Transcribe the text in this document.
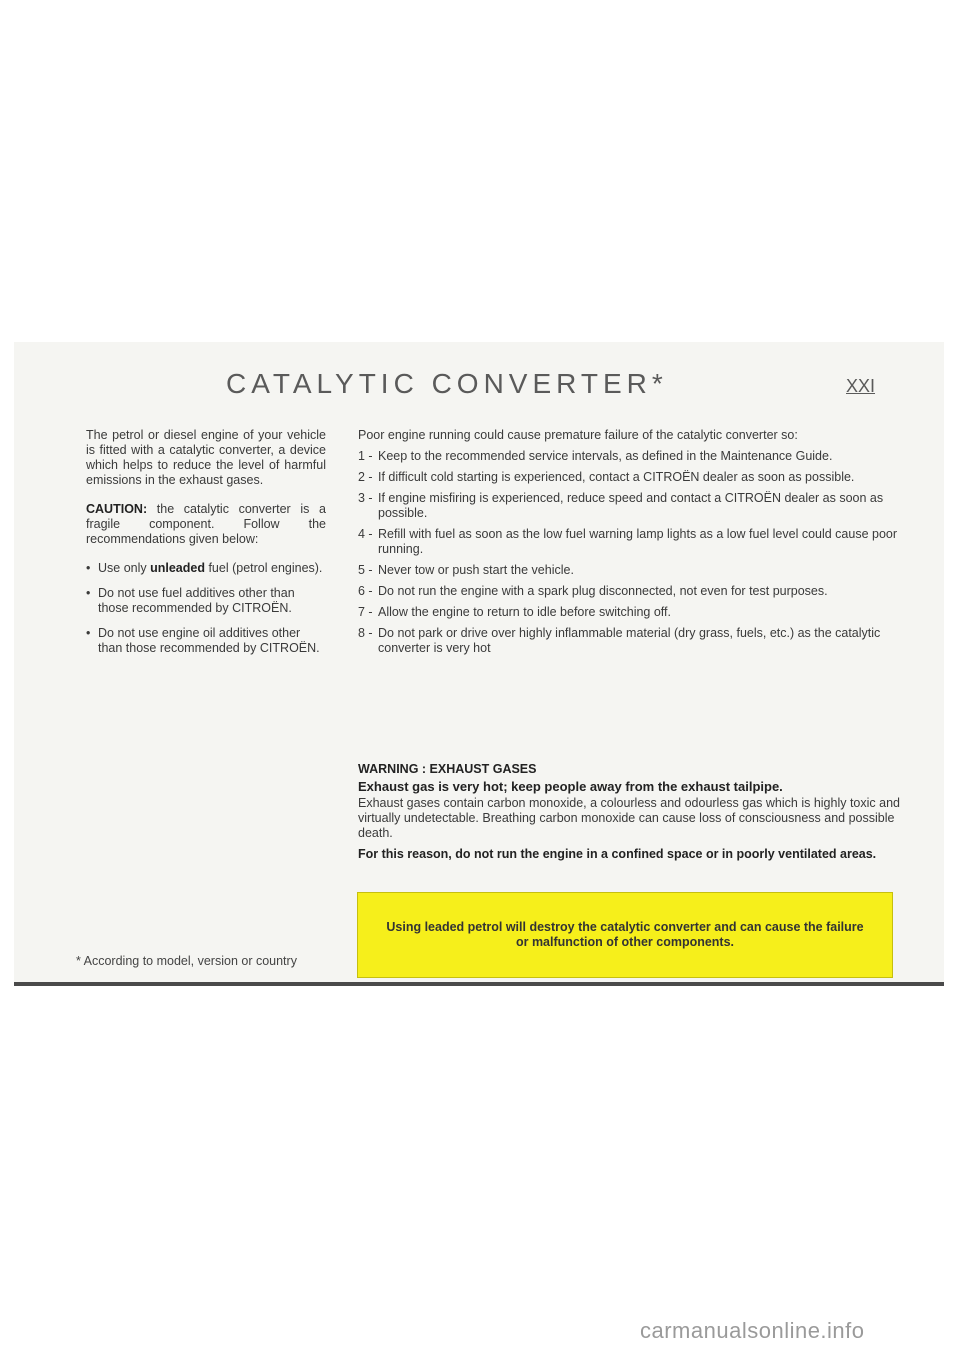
CATALYTIC CONVERTER*	XXI

The petrol or diesel engine of your vehicle is fitted with a catalytic converter, a device which helps to reduce the level of harmful emissions in the exhaust gases.

CAUTION: the catalytic converter is a fragile component. Follow the recommendations given below:

• Use only unleaded fuel (petrol engines).
• Do not use fuel additives other than those recommended by CITROËN.
• Do not use engine oil additives other than those recommended by CITROËN.

Poor engine running could cause premature failure of the catalytic converter so:

1 - Keep to the recommended service intervals, as defined in the Maintenance Guide.
2 - If difficult cold starting is experienced, contact a CITROËN dealer as soon as possible.
3 - If engine misfiring is experienced, reduce speed and contact a CITROËN dealer as soon as possible.
4 - Refill with fuel as soon as the low fuel warning lamp lights as a low fuel level could cause poor running.
5 - Never tow or push start the vehicle.
6 - Do not run the engine with a spark plug disconnected, not even for test purposes.
7 - Allow the engine to return to idle before switching off.
8 - Do not park or drive over highly inflammable material (dry grass, fuels, etc.) as the catalytic converter is very hot

WARNING : EXHAUST GASES

Exhaust gas is very hot; keep people away from the exhaust tailpipe.

Exhaust gases contain carbon monoxide, a colourless and odourless gas which is highly toxic and virtually undetectable. Breathing carbon monoxide can cause loss of consciousness and possible death.

For this reason, do not run the engine in a confined space or in poorly ventilated areas.

Using leaded petrol will destroy the catalytic converter and can cause the failure or malfunction of other components.
* According to model, version or country
carmanualsonline.info
